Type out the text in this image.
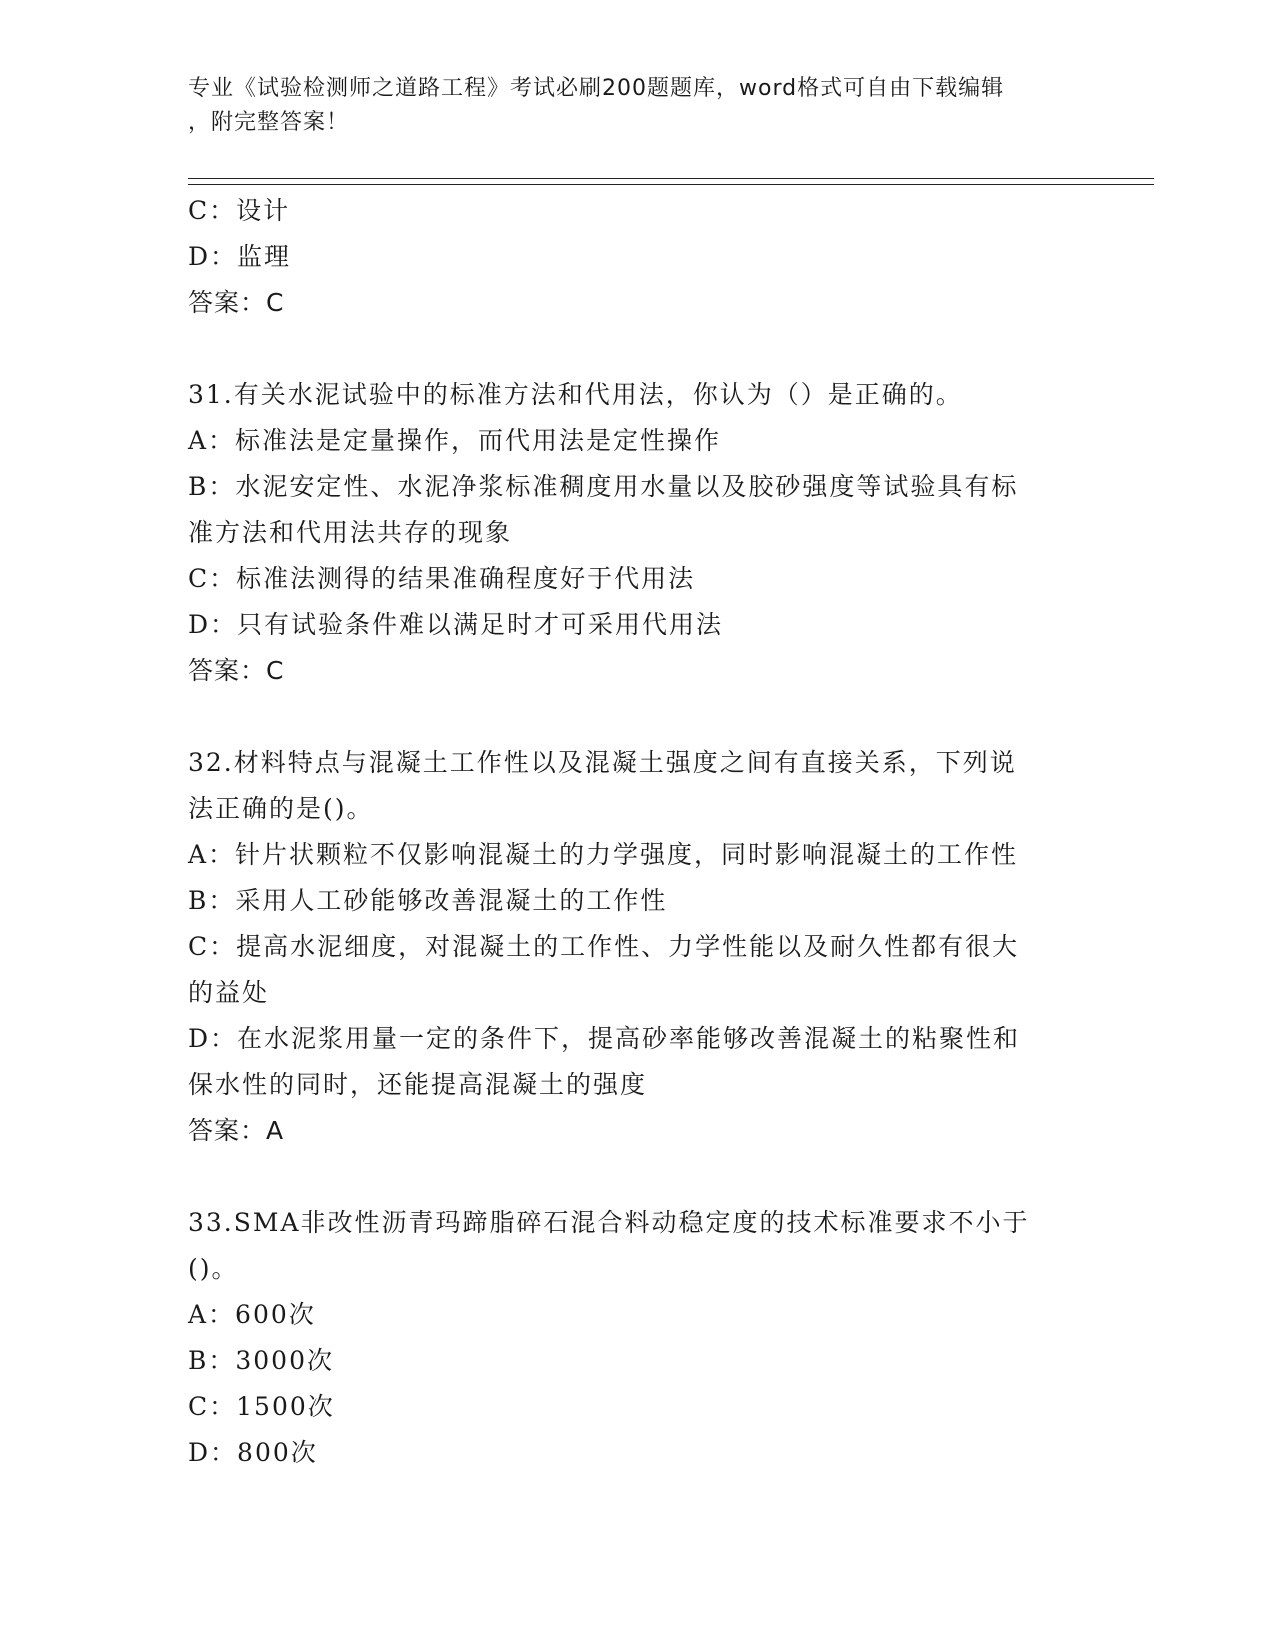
专业《试验检测师之道路工程》考试必刷200题题库，word格式可自由下载编辑
，附完整答案！
C：设计
D：监理
答案：C
31.有关水泥试验中的标准方法和代用法，你认为（）是正确的。
A：标准法是定量操作，而代用法是定性操作
B：水泥安定性、水泥净浆标准稠度用水量以及胶砂强度等试验具有标
准方法和代用法共存的现象
C：标准法测得的结果准确程度好于代用法
D：只有试验条件难以满足时才可采用代用法
答案：C
32.材料特点与混凝土工作性以及混凝土强度之间有直接关系，下列说
法正确的是()。
A：针片状颗粒不仅影响混凝土的力学强度，同时影响混凝土的工作性
B：采用人工砂能够改善混凝土的工作性
C：提高水泥细度，对混凝土的工作性、力学性能以及耐久性都有很大
的益处
D：在水泥浆用量一定的条件下，提高砂率能够改善混凝土的粘聚性和
保水性的同时，还能提高混凝土的强度
答案：A
33.SMA非改性沥青玛蹄脂碎石混合料动稳定度的技术标准要求不小于
()。
A：600次
B：3000次
C：1500次
D：800次
